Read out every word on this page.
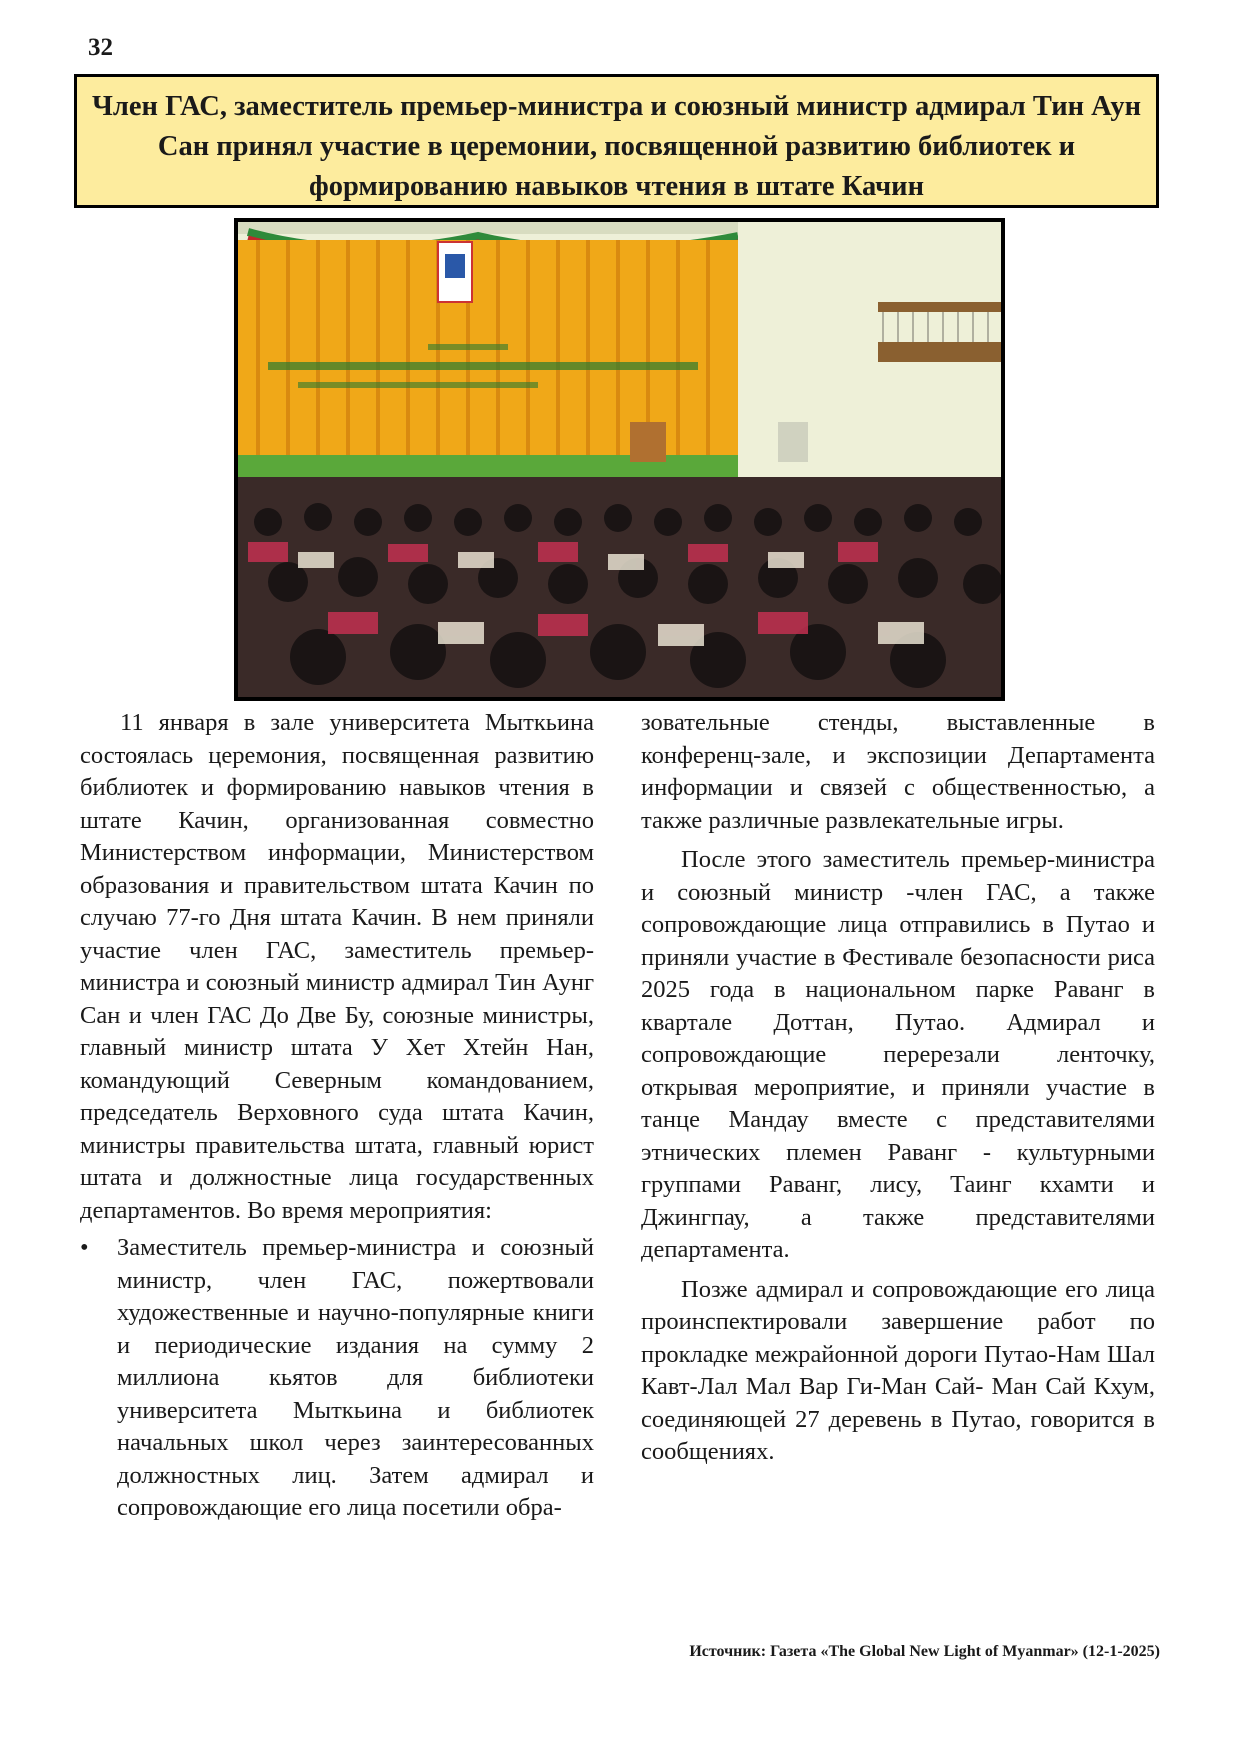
32
Член ГАС, заместитель премьер-министра и союзный министр адмирал Тин Аун Сан принял участие в церемонии, посвященной развитию библиотек и формированию навыков чтения в штате Качин

11 января в зале университета Мыткьина состоялась церемония, посвященная развитию библиотек и формированию навыков чтения в штате Качин, организованная совместно Министерством информации, Министерством образования и правительством штата Качин по случаю 77-го Дня штата Качин. В нем приняли участие член ГАС, заместитель премьер-министра и союзный министр адмирал Тин Аунг Сан и член ГАС До Две Бу, союзные министры, главный министр штата У Хет Хтейн Нан, командующий Северным командованием, председатель Верховного суда штата Качин, министры правительства штата, главный юрист штата и должностные лица государственных департаментов. Во время мероприятия:

• Заместитель премьер-министра и союзный министр, член ГАС, пожертвовали художественные и научно-популярные книги и периодические издания на сумму 2 миллиона кьятов для библиотеки университета Мыткьина и библиотек начальных школ через заинтересованных должностных лиц. Затем адмирал и сопровождающие его лица посетили обра-

зовательные стенды, выставленные в конференц-зале, и экспозиции Департамента информации и связей с общественностью, а также различные развлекательные игры.

После этого заместитель премьер-министра и союзный министр -член ГАС, а также сопровождающие лица отправились в Путао и приняли участие в Фестивале безопасности риса 2025 года в национальном парке Раванг в квартале Доттан, Путао. Адмирал и сопровождающие перерезали ленточку, открывая мероприятие, и приняли участие в танце Мандау вместе с представителями этнических племен Раванг - культурными группами Раванг, лису, Таинг кхамти и Джингпау, а также представителями департамента.

Позже адмирал и сопровождающие его лица проинспектировали завершение работ по прокладке межрайонной дороги Путао-Нам Шал Кавт-Лал Мал Вар Ги-Ман Сай- Ман Сай Кхум, соединяющей 27 деревень в Путао, говорится в сообщениях.

Источник: Газета «The Global New Light of Myanmar» (12-1-2025)
